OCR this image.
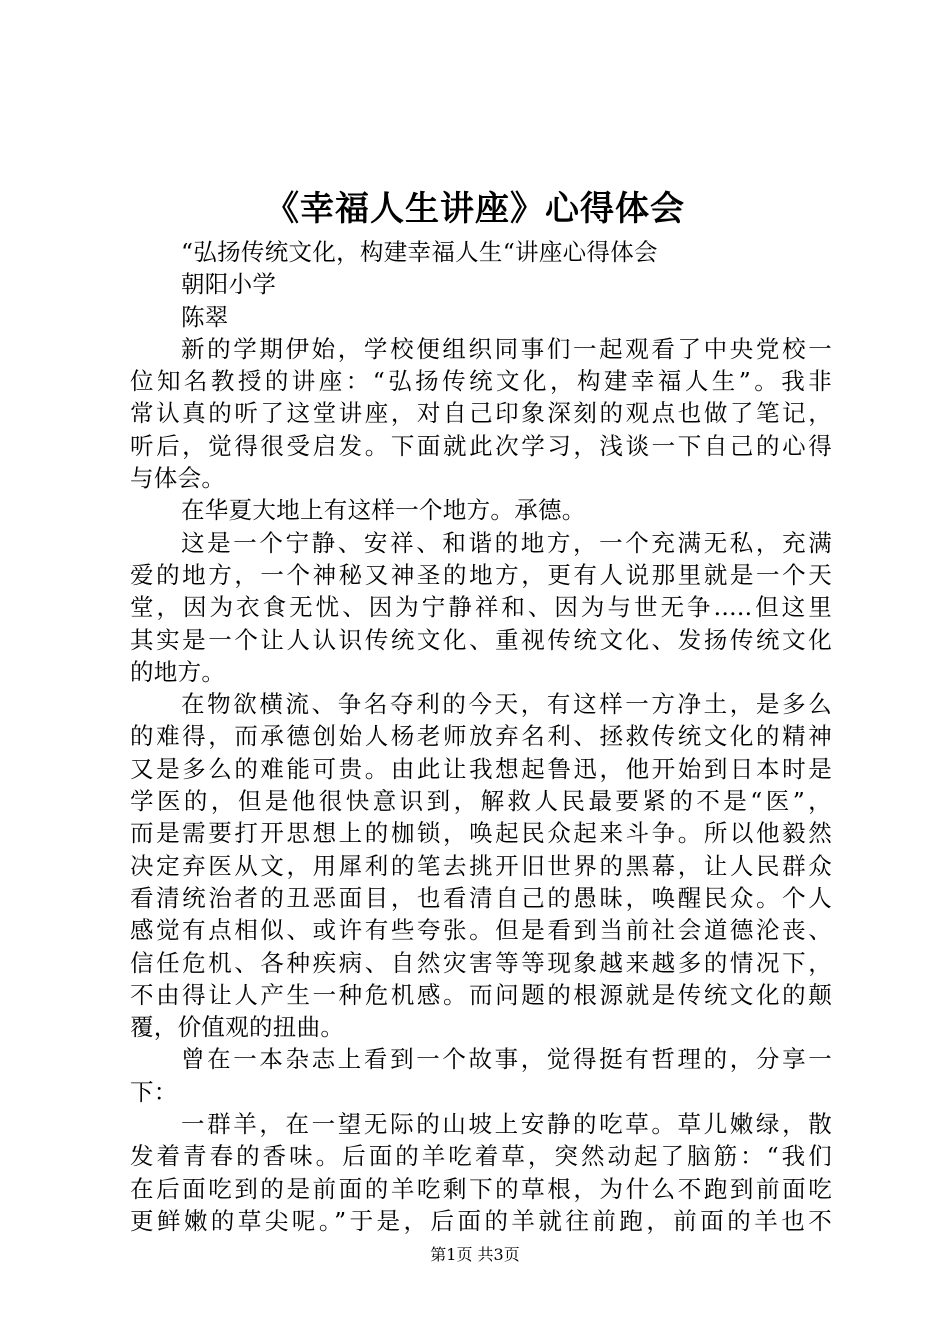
《幸福人生讲座》心得体会
“弘扬传统文化，构建幸福人生“讲座心得体会
朝阳小学
陈翠
新的学期伊始，学校便组织同事们一起观看了中央党校一
位知名教授的讲座：“弘扬传统文化，构建幸福人生”。我非
常认真的听了这堂讲座，对自己印象深刻的观点也做了笔记，
听后，觉得很受启发。下面就此次学习，浅谈一下自己的心得
与体会。
在华夏大地上有这样一个地方。承德。
这是一个宁静、安祥、和谐的地方，一个充满无私，充满
爱的地方，一个神秘又神圣的地方，更有人说那里就是一个天
堂，因为衣食无忧、因为宁静祥和、因为与世无争.....但这里
其实是一个让人认识传统文化、重视传统文化、发扬传统文化
的地方。
在物欲横流、争名夺利的今天，有这样一方净土，是多么
的难得，而承德创始人杨老师放弃名利、拯救传统文化的精神
又是多么的难能可贵。由此让我想起鲁迅，他开始到日本时是
学医的，但是他很快意识到，解救人民最要紧的不是“医”，
而是需要打开思想上的枷锁，唤起民众起来斗争。所以他毅然
决定弃医从文，用犀利的笔去挑开旧世界的黑幕，让人民群众
看清统治者的丑恶面目，也看清自己的愚昧，唤醒民众。个人
感觉有点相似、或许有些夸张。但是看到当前社会道德沦丧、
信任危机、各种疾病、自然灾害等等现象越来越多的情况下，
不由得让人产生一种危机感。而问题的根源就是传统文化的颠
覆，价值观的扭曲。
曾在一本杂志上看到一个故事，觉得挺有哲理的，分享一
下：
一群羊，在一望无际的山坡上安静的吃草。草儿嫩绿，散
发着青春的香味。后面的羊吃着草，突然动起了脑筋：“我们
在后面吃到的是前面的羊吃剩下的草根，为什么不跑到前面吃
更鲜嫩的草尖呢。”于是，后面的羊就往前跑，前面的羊也不
第1页 共3页
